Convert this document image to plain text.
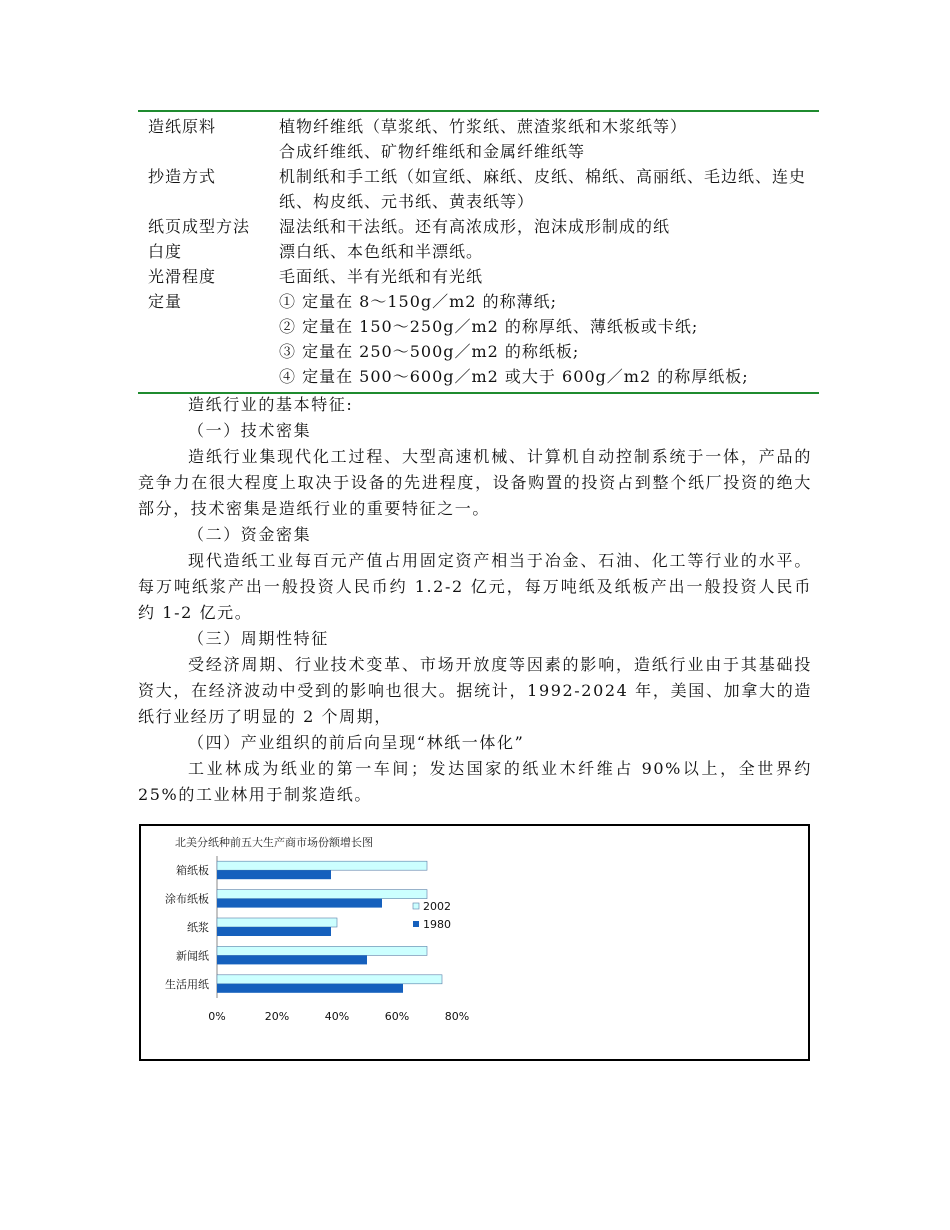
造纸原料	植物纤维纸（草浆纸、竹浆纸、蔗渣浆纸和木浆纸等）
合成纤维纸、矿物纤维纸和金属纤维纸等
抄造方式	机制纸和手工纸（如宣纸、麻纸、皮纸、棉纸、高丽纸、毛边纸、连史纸、构皮纸、元书纸、黄表纸等）
纸页成型方法	湿法纸和干法纸。还有高浓成形，泡沫成形制成的纸
白度	漂白纸、本色纸和半漂纸。
光滑程度	毛面纸、半有光纸和有光纸
定量	① 定量在 8～150g／m2 的称薄纸;
② 定量在 150～250g／m2 的称厚纸、薄纸板或卡纸;
③ 定量在 250～500g／m2 的称纸板;
④ 定量在 500～600g／m2 或大于 600g／m2 的称厚纸板;

造纸行业的基本特征:

（一）技术密集

造纸行业集现代化工过程、大型高速机械、计算机自动控制系统于一体，产品的竞争力在很大程度上取决于设备的先进程度，设备购置的投资占到整个纸厂投资的绝大部分，技术密集是造纸行业的重要特征之一。

（二）资金密集

现代造纸工业每百元产值占用固定资产相当于冶金、石油、化工等行业的水平。每万吨纸浆产出一般投资人民币约 1.2-2 亿元，每万吨纸及纸板产出一般投资人民币约 1-2 亿元。

（三）周期性特征

受经济周期、行业技术变革、市场开放度等因素的影响，造纸行业由于其基础投资大，在经济波动中受到的影响也很大。据统计，1992-2024 年，美国、加拿大的造纸行业经历了明显的 2 个周期，

（四）产业组织的前后向呈现“林纸一体化”

工业林成为纸业的第一车间；发达国家的纸业木纤维占 90%以上，全世界约 25%的工业林用于制浆造纸。

北美分纸种前五大生产商市场份额增长图
箱纸板
涂布纸板
纸浆
新闻纸
生活用纸
0%	20%	40%	60%	80%
2002
1980
